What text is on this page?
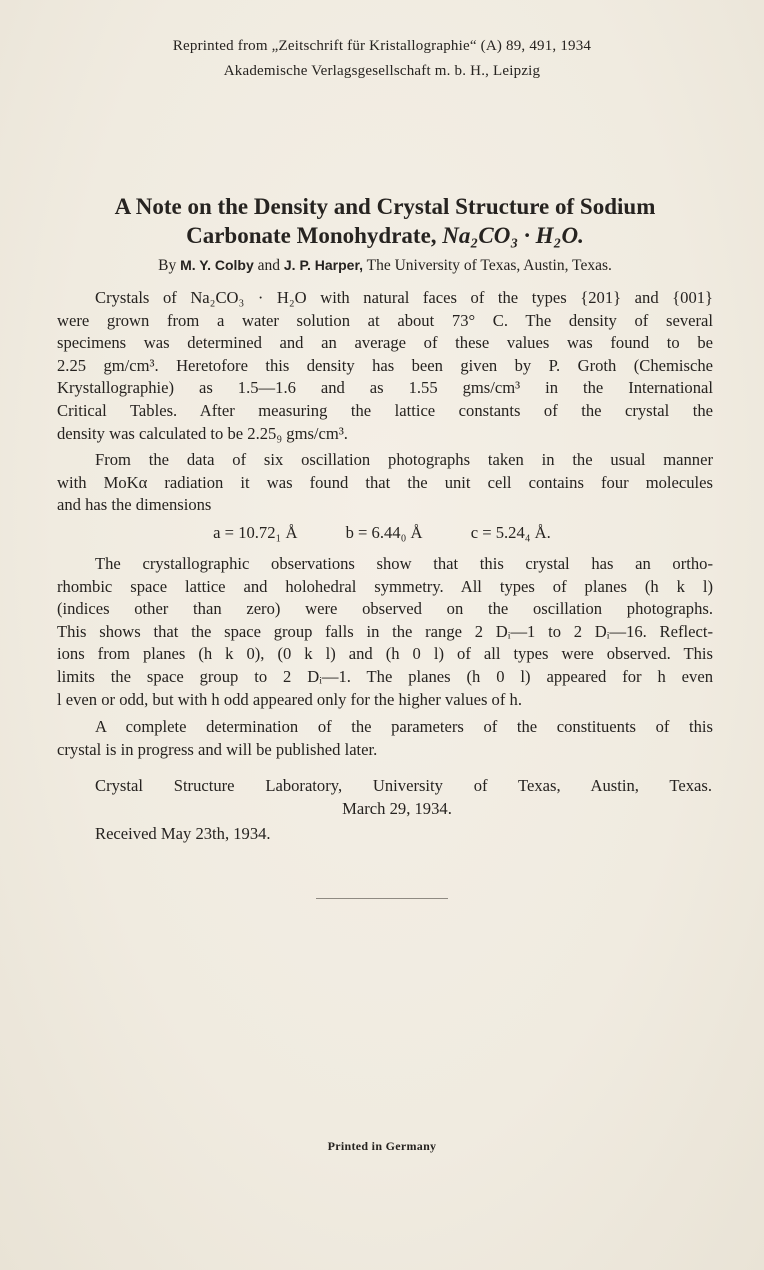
Reprinted from „Zeitschrift für Kristallographie“ (A) 89, 491, 1934
Akademische Verlagsgesellschaft m. b. H., Leipzig
A Note on the Density and Crystal Structure of Sodium
Carbonate Monohydrate, Na₂CO₃ · H₂O.
By M. Y. Colby and J. P. Harper, The University of Texas, Austin, Texas.
Crystals of Na₂CO₃ · H₂O with natural faces of the types {201} and {001}
were grown from a water solution at about 73° C. The density of several
specimens was determined and an average of these values was found to be
2.25 gm/cm³. Heretofore this density has been given by P. Groth (Chemische
Krystallographie) as 1.5—1.6 and as 1.55 gms/cm³ in the International
Critical Tables. After measuring the lattice constants of the crystal the
density was calculated to be 2.25₉ gms/cm³.
From the data of six oscillation photographs taken in the usual manner
with MoKα radiation it was found that the unit cell contains four molecules
and has the dimensions
a = 10.72₁ Å	b = 6.44₀ Å	c = 5.24₄ Å.
The crystallographic observations show that this crystal has an ortho-
rhombic space lattice and holohedral symmetry. All types of planes (h k l)
(indices other than zero) were observed on the oscillation photographs.
This shows that the space group falls in the range 2 Dᵢ—1 to 2 Dᵢ—16. Reflect-
ions from planes (h k 0), (0 k l) and (h 0 l) of all types were observed. This
limits the space group to 2 Dᵢ—1. The planes (h 0 l) appeared for h even
l even or odd, but with h odd appeared only for the higher values of h.
A complete determination of the parameters of the constituents of this
crystal is in progress and will be published later.
Crystal Structure Laboratory, University of Texas, Austin, Texas.
March 29, 1934.
Received May 23th, 1934.
Printed in Germany
